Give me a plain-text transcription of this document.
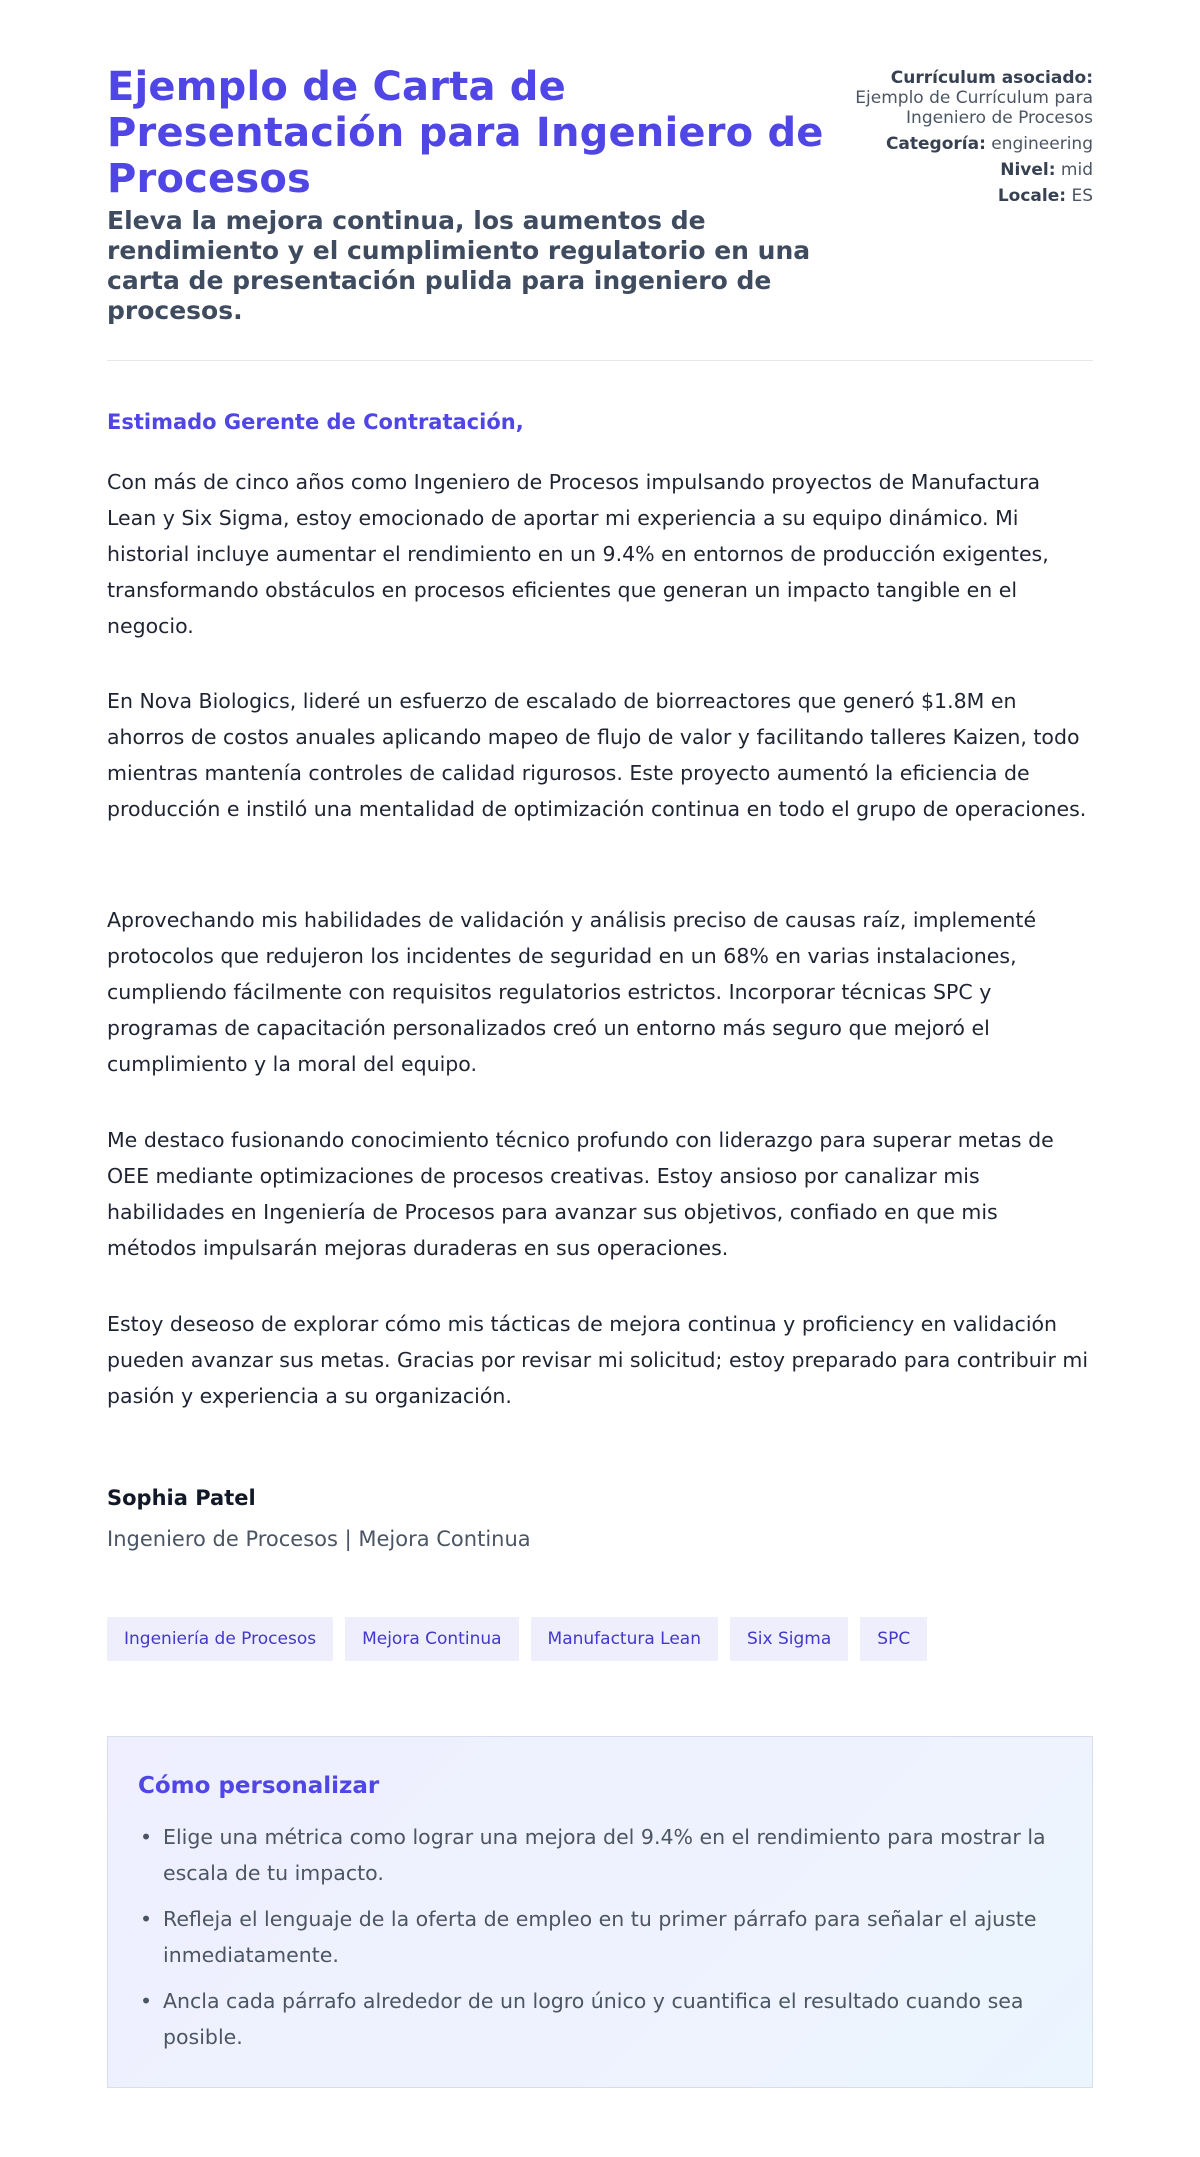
Ejemplo de Carta de Presentación para Ingeniero de Procesos

Eleva la mejora continua, los aumentos de rendimiento y el cumplimiento regulatorio en una carta de presentación pulida para ingeniero de procesos.

Currículum asociado:
Ejemplo de Currículum para Ingeniero de Procesos
Categoría: engineering
Nivel: mid
Locale: ES
Estimado Gerente de Contratación,

Con más de cinco años como Ingeniero de Procesos impulsando proyectos de Manufactura Lean y Six Sigma, estoy emocionado de aportar mi experiencia a su equipo dinámico. Mi historial incluye aumentar el rendimiento en un 9.4% en entornos de producción exigentes, transformando obstáculos en procesos eficientes que generan un impacto tangible en el negocio.

En Nova Biologics, lideré un esfuerzo de escalado de biorreactores que generó $1.8M en ahorros de costos anuales aplicando mapeo de flujo de valor y facilitando talleres Kaizen, todo mientras mantenía controles de calidad rigurosos. Este proyecto aumentó la eficiencia de producción e instiló una mentalidad de optimización continua en todo el grupo de operaciones.

Aprovechando mis habilidades de validación y análisis preciso de causas raíz, implementé protocolos que redujeron los incidentes de seguridad en un 68% en varias instalaciones, cumpliendo fácilmente con requisitos regulatorios estrictos. Incorporar técnicas SPC y programas de capacitación personalizados creó un entorno más seguro que mejoró el cumplimiento y la moral del equipo.

Me destaco fusionando conocimiento técnico profundo con liderazgo para superar metas de OEE mediante optimizaciones de procesos creativas. Estoy ansioso por canalizar mis habilidades en Ingeniería de Procesos para avanzar sus objetivos, confiado en que mis métodos impulsarán mejoras duraderas en sus operaciones.

Estoy deseoso de explorar cómo mis tácticas de mejora continua y proficiency en validación pueden avanzar sus metas. Gracias por revisar mi solicitud; estoy preparado para contribuir mi pasión y experiencia a su organización.

Sophia Patel

Ingeniero de Procesos | Mejora Continua

Ingeniería de Procesos	Mejora Continua	Manufactura Lean	Six Sigma	SPC
Cómo personalizar
• Elige una métrica como lograr una mejora del 9.4% en el rendimiento para mostrar la escala de tu impacto.
• Refleja el lenguaje de la oferta de empleo en tu primer párrafo para señalar el ajuste inmediatamente.
• Ancla cada párrafo alrededor de un logro único y cuantifica el resultado cuando sea posible.
